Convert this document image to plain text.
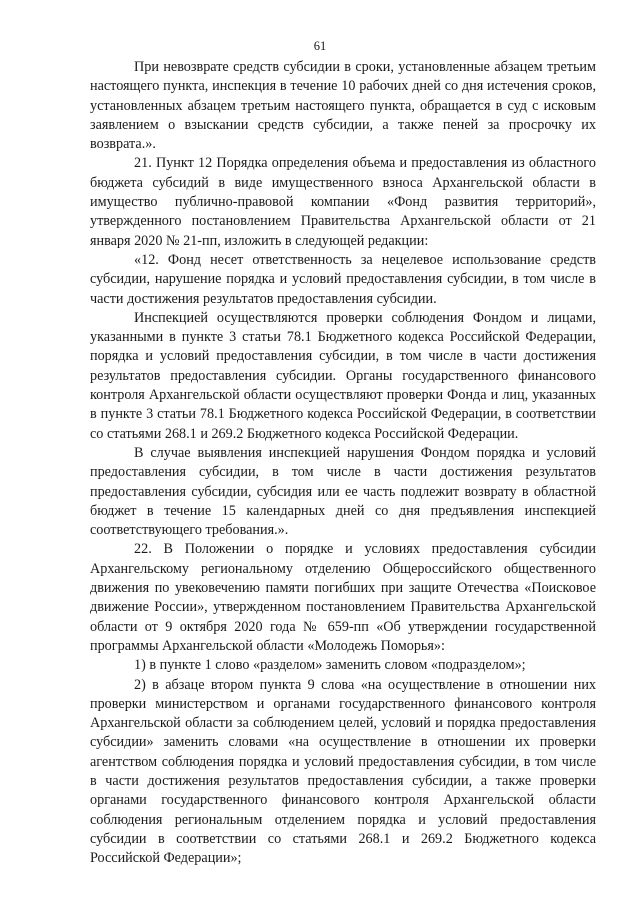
61

При невозврате средств субсидии в сроки, установленные абзацем третьим настоящего пункта, инспекция в течение 10 рабочих дней со дня истечения сроков, установленных абзацем третьим настоящего пункта, обращается в суд с исковым заявлением о взыскании средств субсидии, а также пеней за просрочку их возврата.».

21. Пункт 12 Порядка определения объема и предоставления из областного бюджета субсидий в виде имущественного взноса Архангельской области в имущество публично-правовой компании «Фонд развития территорий», утвержденного постановлением Правительства Архангельской области от 21 января 2020 № 21-пп, изложить в следующей редакции:

«12. Фонд несет ответственность за нецелевое использование средств субсидии, нарушение порядка и условий предоставления субсидии, в том числе в части достижения результатов предоставления субсидии.

Инспекцией осуществляются проверки соблюдения Фондом и лицами, указанными в пункте 3 статьи 78.1 Бюджетного кодекса Российской Федерации, порядка и условий предоставления субсидии, в том числе в части достижения результатов предоставления субсидии. Органы государственного финансового контроля Архангельской области осуществляют проверки Фонда и лиц, указанных в пункте 3 статьи 78.1 Бюджетного кодекса Российской Федерации, в соответствии со статьями 268.1 и 269.2 Бюджетного кодекса Российской Федерации.

В случае выявления инспекцией нарушения Фондом порядка и условий предоставления субсидии, в том числе в части достижения результатов предоставления субсидии, субсидия или ее часть подлежит возврату в областной бюджет в течение 15 календарных дней со дня предъявления инспекцией соответствующего требования.».

22. В Положении о порядке и условиях предоставления субсидии Архангельскому региональному отделению Общероссийского общественного движения по увековечению памяти погибших при защите Отечества «Поисковое движение России», утвержденном постановлением Правительства Архангельской области от 9 октября 2020 года № 659-пп «Об утверждении государственной программы Архангельской области «Молодежь Поморья»:

1) в пункте 1 слово «разделом» заменить словом «подразделом»;

2) в абзаце втором пункта 9 слова «на осуществление в отношении них проверки министерством и органами государственного финансового контроля Архангельской области за соблюдением целей, условий и порядка предоставления субсидии» заменить словами «на осуществление в отношении их проверки агентством соблюдения порядка и условий предоставления субсидии, в том числе в части достижения результатов предоставления субсидии, а также проверки органами государственного финансового контроля Архангельской области соблюдения региональным отделением порядка и условий предоставления субсидии в соответствии со статьями 268.1 и 269.2 Бюджетного кодекса Российской Федерации»;
